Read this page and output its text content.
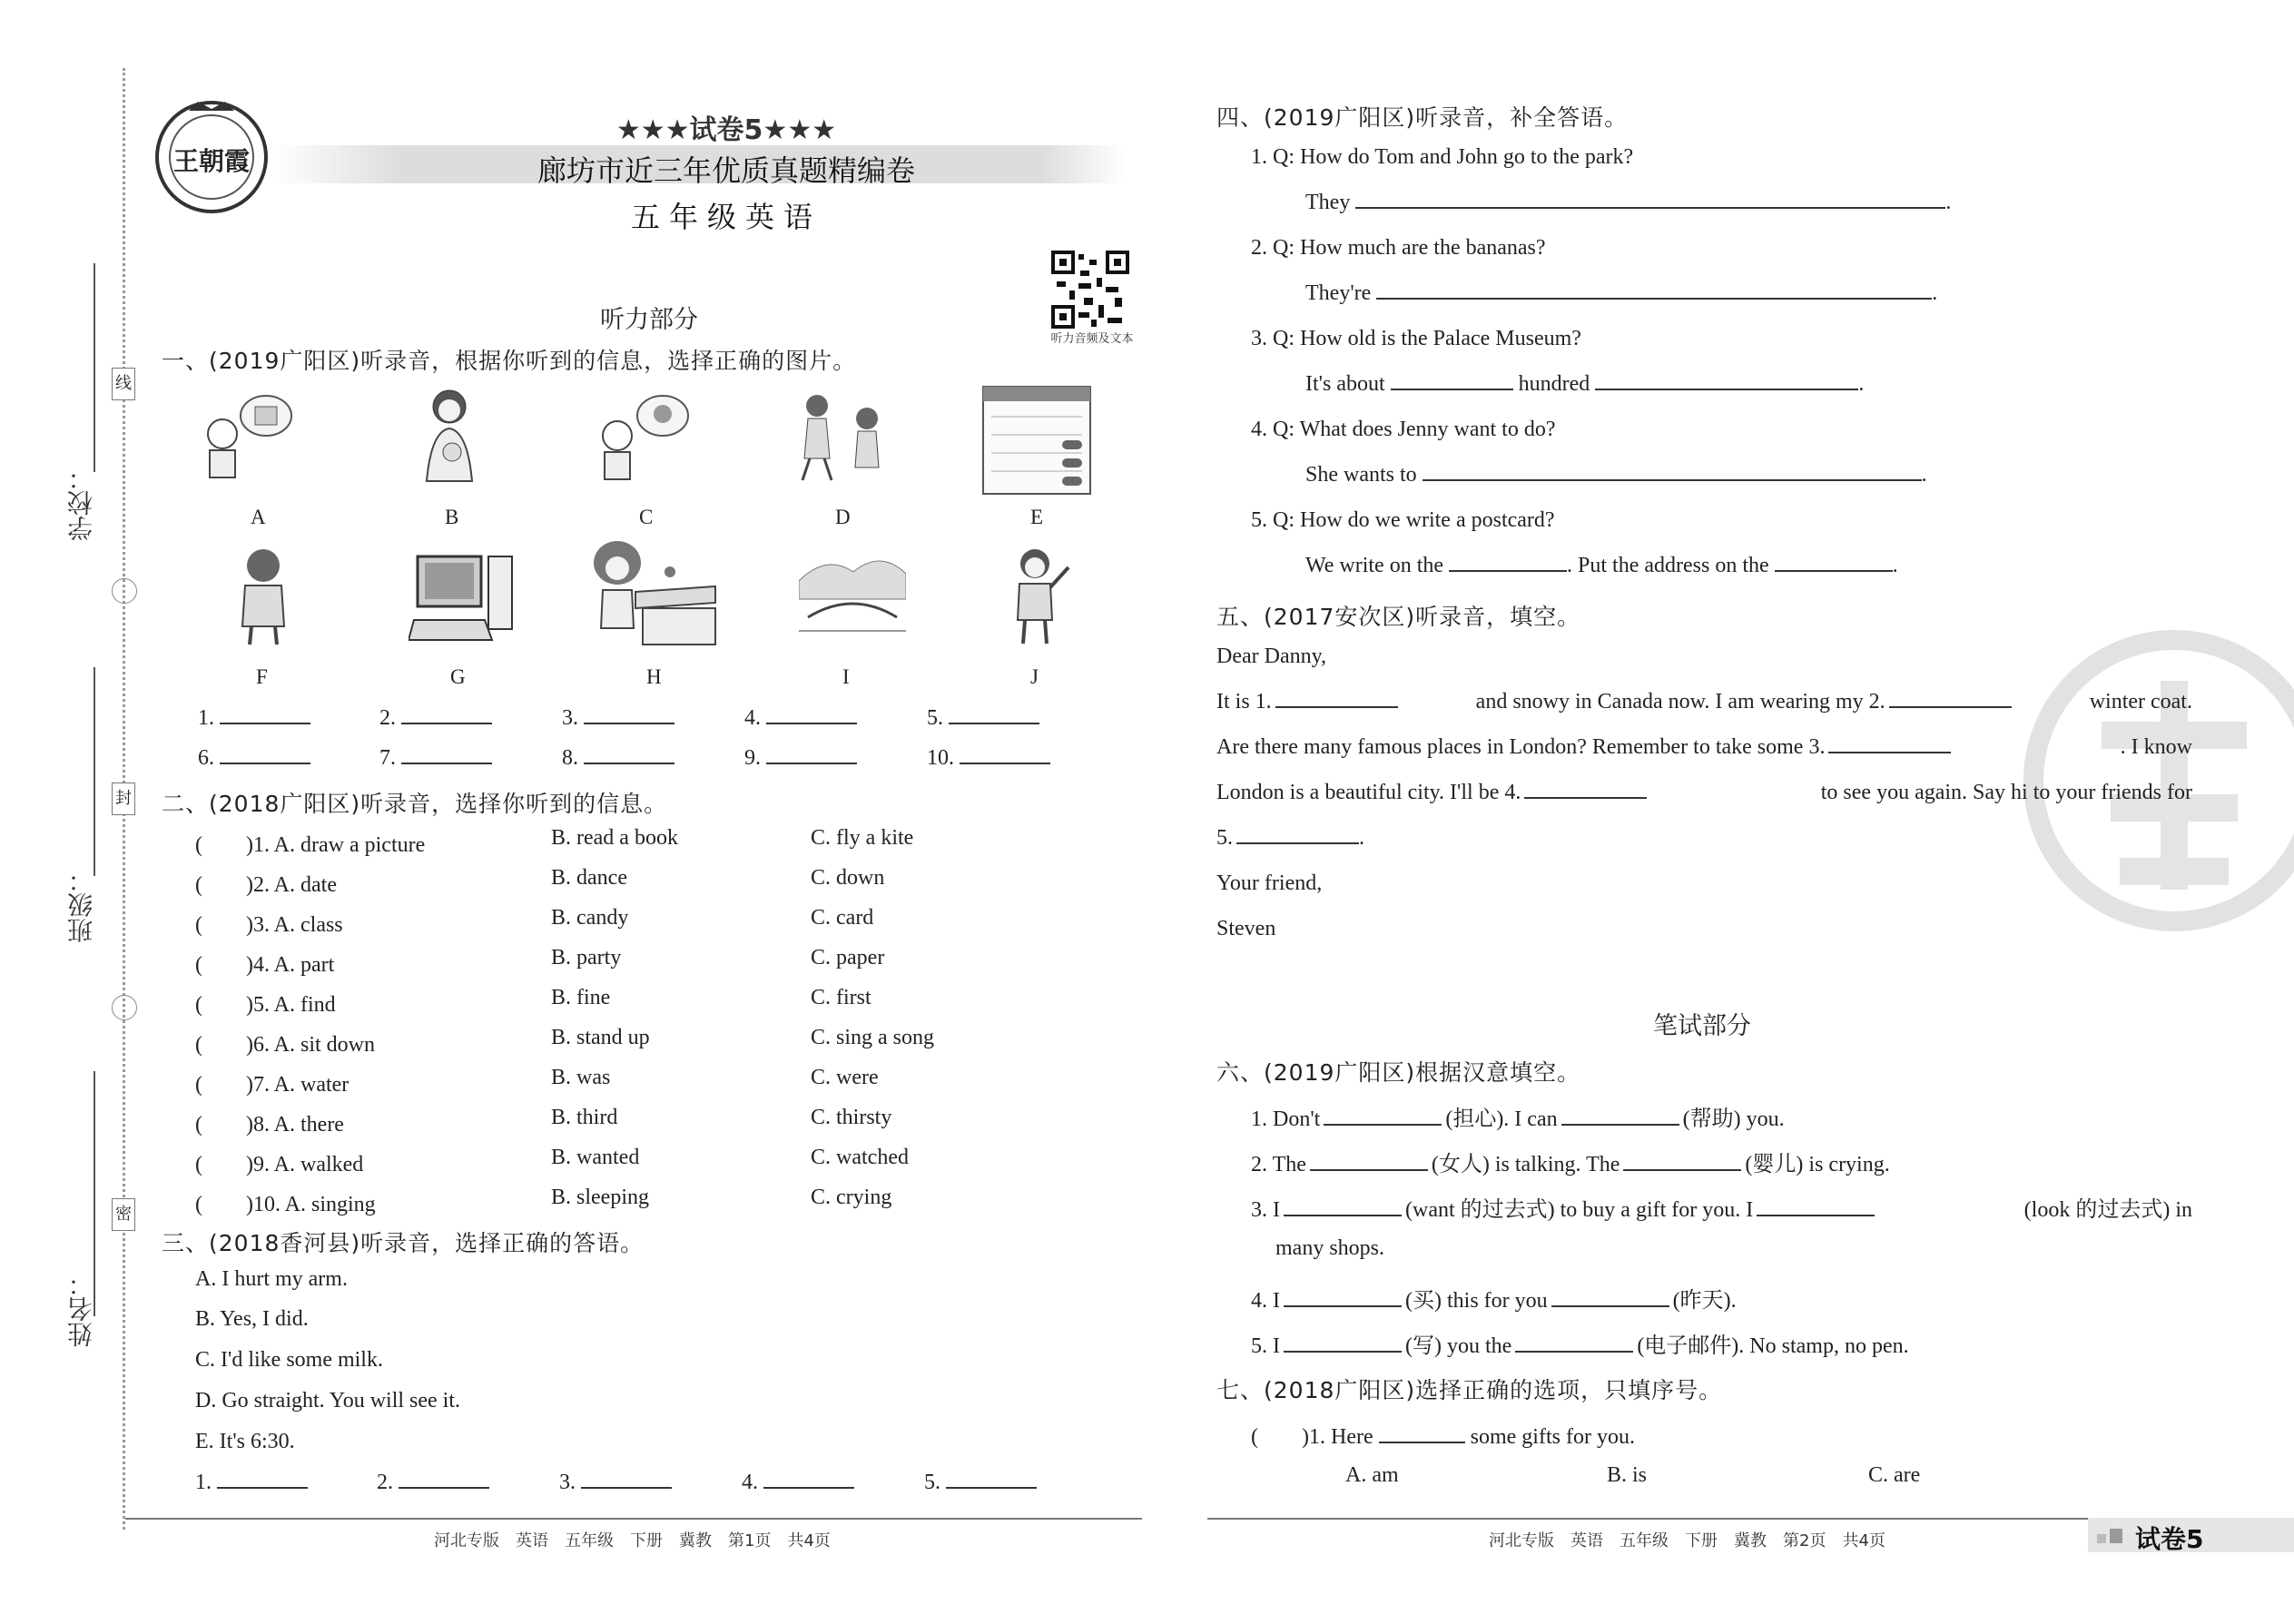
学校：
班级：
姓名：
线
封
密
王朝霞
★★★试卷5★★★
廊坊市近三年优质真题精编卷
五年级英语
听力音频及文本
听力部分
一、(2019广阳区)听录音，根据你听到的信息，选择正确的图片。
A	B	C	D	E
F	G	H	I	J
1.	2.	3.	4.	5.
6.	7.	8.	9.	10.
二、(2018广阳区)听录音，选择你听到的信息。
(　　)1. A. draw a picture	B. read a book	C. fly a kite
(　　)2. A. date	B. dance	C. down
(　　)3. A. class	B. candy	C. card
(　　)4. A. part	B. party	C. paper
(　　)5. A. find	B. fine	C. first
(　　)6. A. sit down	B. stand up	C. sing a song
(　　)7. A. water	B. was	C. were
(　　)8. A. there	B. third	C. thirsty
(　　)9. A. walked	B. wanted	C. watched
(　　)10. A. singing	B. sleeping	C. crying
三、(2018香河县)听录音，选择正确的答语。
A. I hurt my arm.
B. Yes, I did.
C. I'd like some milk.
D. Go straight. You will see it.
E. It's 6:30.
1.	2.	3.	4.	5.
河北专版　英语　五年级　下册　冀教　第1页　共4页
四、(2019广阳区)听录音，补全答语。
1. Q: How do Tom and John go to the park?
They	.
2. Q: How much are the bananas?
They're	.
3. Q: How old is the Palace Museum?
It's about	hundred	.
4. Q: What does Jenny want to do?
She wants to	.
5. Q: How do we write a postcard?
We write on the	. Put the address on the	.
五、(2017安次区)听录音，填空。
Dear Danny,
It is 1.	and snowy in Canada now. I am wearing my 2.	winter coat.
Are there many famous places in London? Remember to take some 3.	. I know
London is a beautiful city. I'll be 4.	to see you again. Say hi to your friends for
5.	.
Your friend,
Steven
笔试部分
六、(2019广阳区)根据汉意填空。
1. Don't	(担心). I can	(帮助) you.
2. The	(女人) is talking. The	(婴儿) is crying.
3. I	(want 的过去式) to buy a gift for you. I	(look 的过去式) in
many shops.
4. I	(买) this for you	(昨天).
5. I	(写) you the	(电子邮件). No stamp, no pen.
七、(2018广阳区)选择正确的选项，只填序号。
(　　)1. Here	some gifts for you.
A. am	B. is	C. are
河北专版　英语　五年级　下册　冀教　第2页　共4页	试卷5
